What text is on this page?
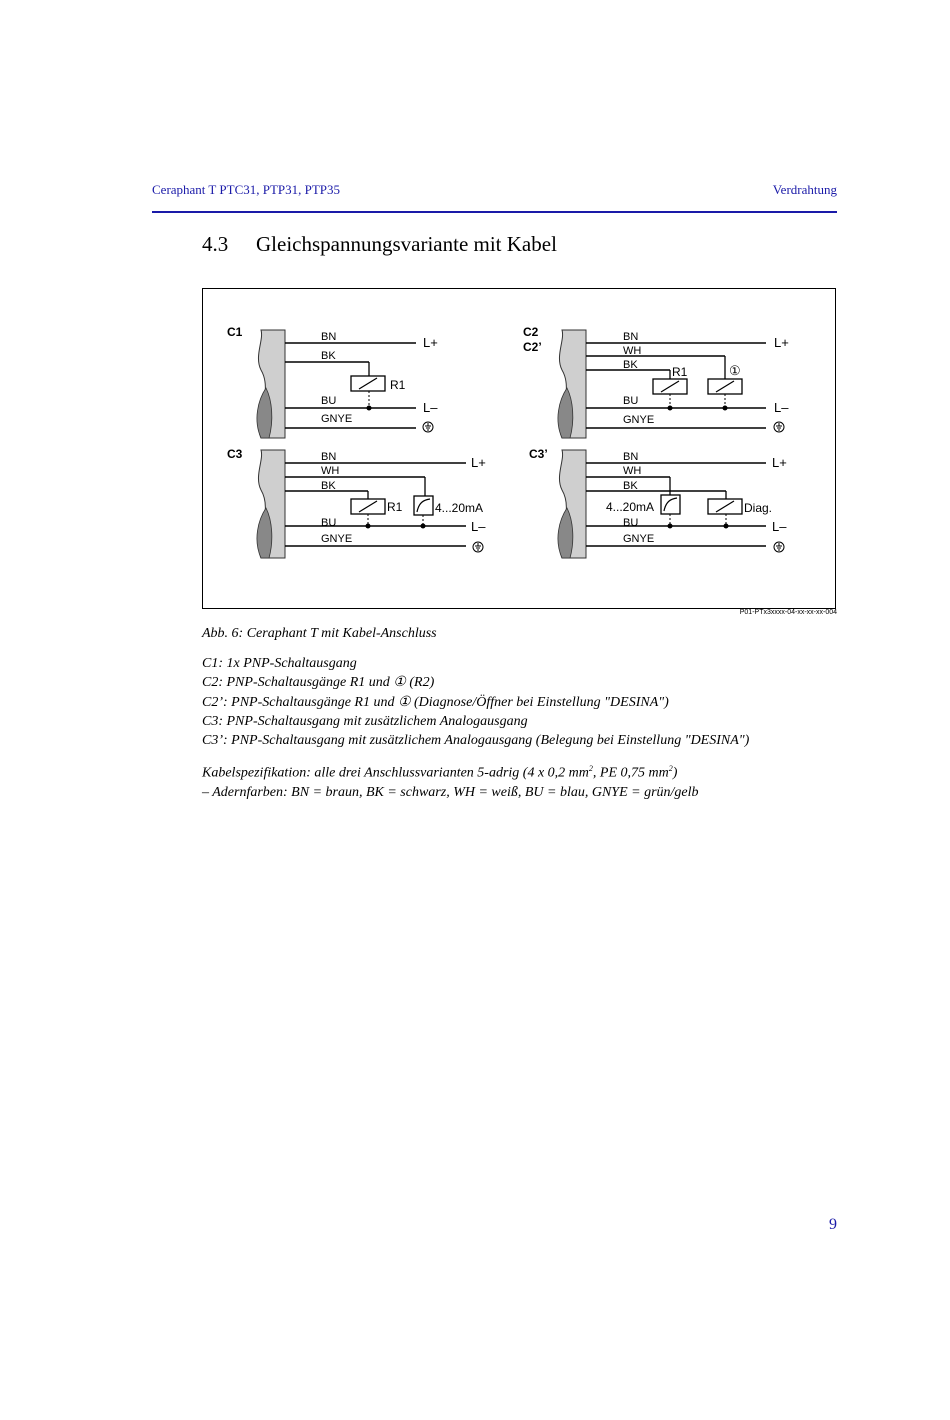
Ceraphant T PTC31, PTP31, PTP35	Verdrahtung
4.3 Gleichspannungsvariante mit Kabel
C1	BN
BK
BU
GNYE
R1
L+
L–
C2
C2’
BN
WH
BK
BU
GNYE
R1	①
L+
L–
C3	BN
WH
BK
BU
GNYE
R1	4...20mA
L+
L–
C3’	BN
WH
BK
BU
GNYE
4...20mA	Diag.
L+
L–
P01-PTx3xxxx-04-xx-xx-xx-004
Abb. 6: Ceraphant T mit Kabel-Anschluss
C1: 1x PNP-Schaltausgang
C2: PNP-Schaltausgänge R1 und ① (R2)
C2’: PNP-Schaltausgänge R1 und ① (Diagnose/Öffner bei Einstellung "DESINA")
C3: PNP-Schaltausgang mit zusätzlichem Analogausgang
C3’: PNP-Schaltausgang mit zusätzlichem Analogausgang (Belegung bei Einstellung "DESINA")
Kabelspezifikation: alle drei Anschlussvarianten 5-adrig (4 x 0,2 $mm^2$, PE 0,75 $mm^2$)
– Adernfarben: BN = braun, BK = schwarz, WH = weiß, BU = blau, GNYE = grün/gelb
9
